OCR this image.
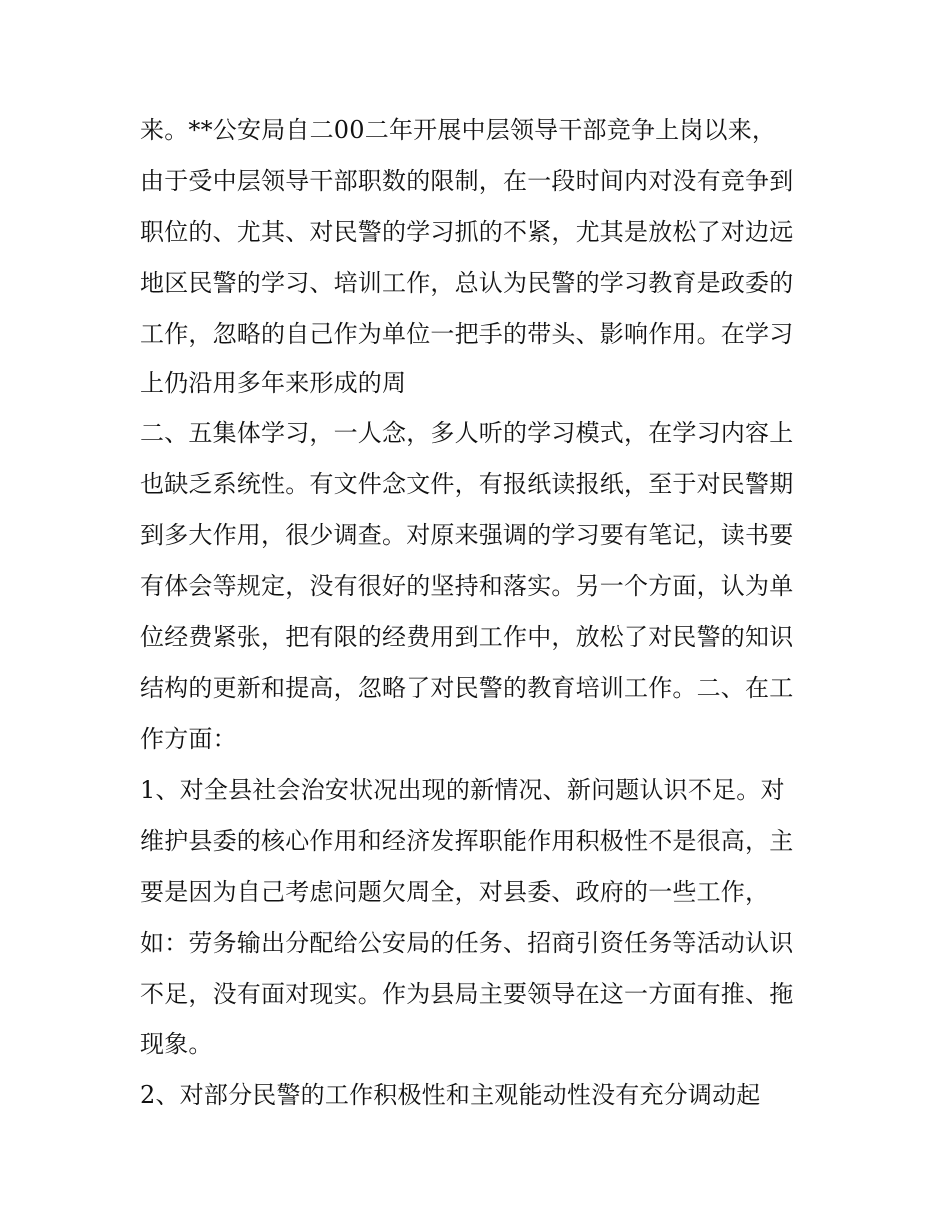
来。**公安局自二00二年开展中层领导干部竞争上岗以来，
由于受中层领导干部职数的限制，在一段时间内对没有竞争到
职位的、尤其、对民警的学习抓的不紧，尤其是放松了对边远
地区民警的学习、培训工作，总认为民警的学习教育是政委的
工作，忽略的自己作为单位一把手的带头、影响作用。在学习
上仍沿用多年来形成的周
二、五集体学习，一人念，多人听的学习模式，在学习内容上
也缺乏系统性。有文件念文件，有报纸读报纸，至于对民警期
到多大作用，很少调查。对原来强调的学习要有笔记，读书要
有体会等规定，没有很好的坚持和落实。另一个方面，认为单
位经费紧张，把有限的经费用到工作中，放松了对民警的知识
结构的更新和提高，忽略了对民警的教育培训工作。二、在工
作方面：
1、对全县社会治安状况出现的新情况、新问题认识不足。对
维护县委的核心作用和经济发挥职能作用积极性不是很高，主
要是因为自己考虑问题欠周全，对县委、政府的一些工作，
如：劳务输出分配给公安局的任务、招商引资任务等活动认识
不足，没有面对现实。作为县局主要领导在这一方面有推、拖
现象。
2、对部分民警的工作积极性和主观能动性没有充分调动起
